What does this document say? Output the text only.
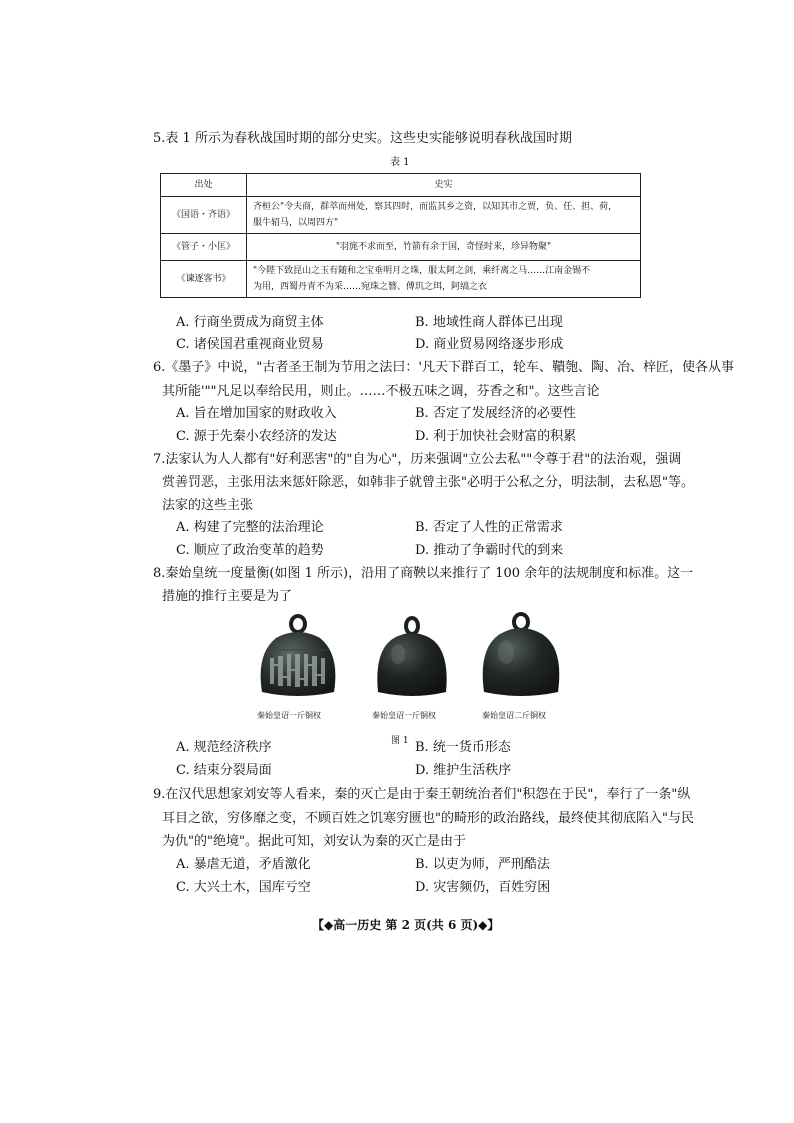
5.表 1 所示为春秋战国时期的部分史实。这些史实能够说明春秋战国时期
表 1
出处	史实
《国语・齐语》	齐桓公"令夫商，群萃而州处，察其四时，而监其乡之资，以知其市之贾，负、任、担、荷，
服牛轺马，以周四方"

《管子・小匡》	"羽旄不求而至，竹箭有余于国，奇怪时来，珍异物聚"

《谏逐客书》	"今陛下致昆山之玉有随和之宝垂明月之珠，服太阿之剑，乘纤离之马……江南金锡不
为用，西蜀丹青不为采……宛珠之簪、傅玑之珥，阿缟之衣
A. 行商坐贾成为商贸主体	B. 地域性商人群体已出现
C. 诸侯国君重视商业贸易	D. 商业贸易网络逐步形成
6.《墨子》中说，"古者圣王制为节用之法曰：'凡天下群百工，轮车、鞼匏、陶、冶、梓匠，使各从事
其所能'""凡足以奉给民用，则止。……不极五味之调，芬香之和"。这些言论
A. 旨在增加国家的财政收入	B. 否定了发展经济的必要性
C. 源于先秦小农经济的发达	D. 利于加快社会财富的积累
7.法家认为人人都有"好利恶害"的"自为心"，历来强调"立公去私""令尊于君"的法治观，强调
赏善罚恶，主张用法来惩奸除恶，如韩非子就曾主张"必明于公私之分，明法制，去私恩"等。
法家的这些主张
A. 构建了完整的法治理论	B. 否定了人性的正常需求
C. 顺应了政治变革的趋势	D. 推动了争霸时代的到来
8.秦始皇统一度量衡(如图 1 所示)，沿用了商鞅以来推行了 100 余年的法规制度和标准。这一
措施的推行主要是为了
秦始皇诏一斤铜权	秦始皇诏一斤铜权	秦始皇诏二斤铜权
图 1
A. 规范经济秩序	B. 统一货币形态
C. 结束分裂局面	D. 维护生活秩序
9.在汉代思想家刘安等人看来，秦的灭亡是由于秦王朝统治者们"积怨在于民"，奉行了一条"纵
耳目之欲，穷侈靡之变，不顾百姓之饥寒穷匮也"的畸形的政治路线，最终使其彻底陷入"与民
为仇"的"绝境"。据此可知，刘安认为秦的灭亡是由于
A. 暴虐无道，矛盾激化	B. 以吏为师，严刑酷法
C. 大兴土木，国库亏空	D. 灾害频仍，百姓穷困
【◆高一历史 第 2 页(共 6 页)◆】
